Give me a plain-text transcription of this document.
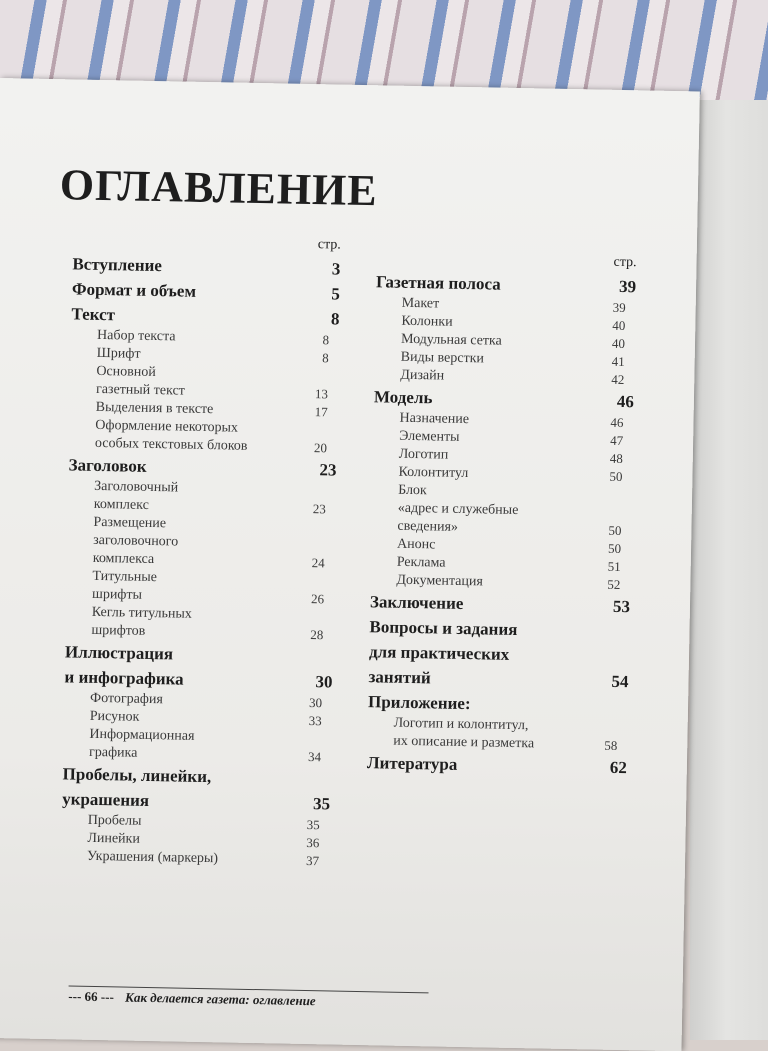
ОГЛАВЛЕНИЕ
стр.
Вступление	3
Формат и объем	5
Текст	8
Набор текста	8
Шрифт	8
Основной
газетный текст	13
Выделения в тексте	17
Оформление некоторых
особых текстовых блоков	20
Заголовок	23
Заголовочный
комплекс	23
Размещение
заголовочного
комплекса	24
Титульные
шрифты	26
Кегль титульных
шрифтов	28
Иллюстрация
и инфографика	30
Фотография	30
Рисунок	33
Информационная
графика	34
Пробелы, линейки,
украшения	35
Пробелы	35
Линейки	36
Украшения (маркеры)	37
стр.
Газетная полоса	39
Макет	39
Колонки	40
Модульная сетка	40
Виды верстки	41
Дизайн	42
Модель	46
Назначение	46
Элементы	47
Логотип	48
Колонтитул	50
Блок
«адрес и служебные
сведения»	50
Анонс	50
Реклама	51
Документация	52
Заключение	53
Вопросы и задания
для практических
занятий	54
Приложение:
Логотип и колонтитул,
их описание и разметка	58
Литература	62
--- 66 --- Как делается газета: оглавление
